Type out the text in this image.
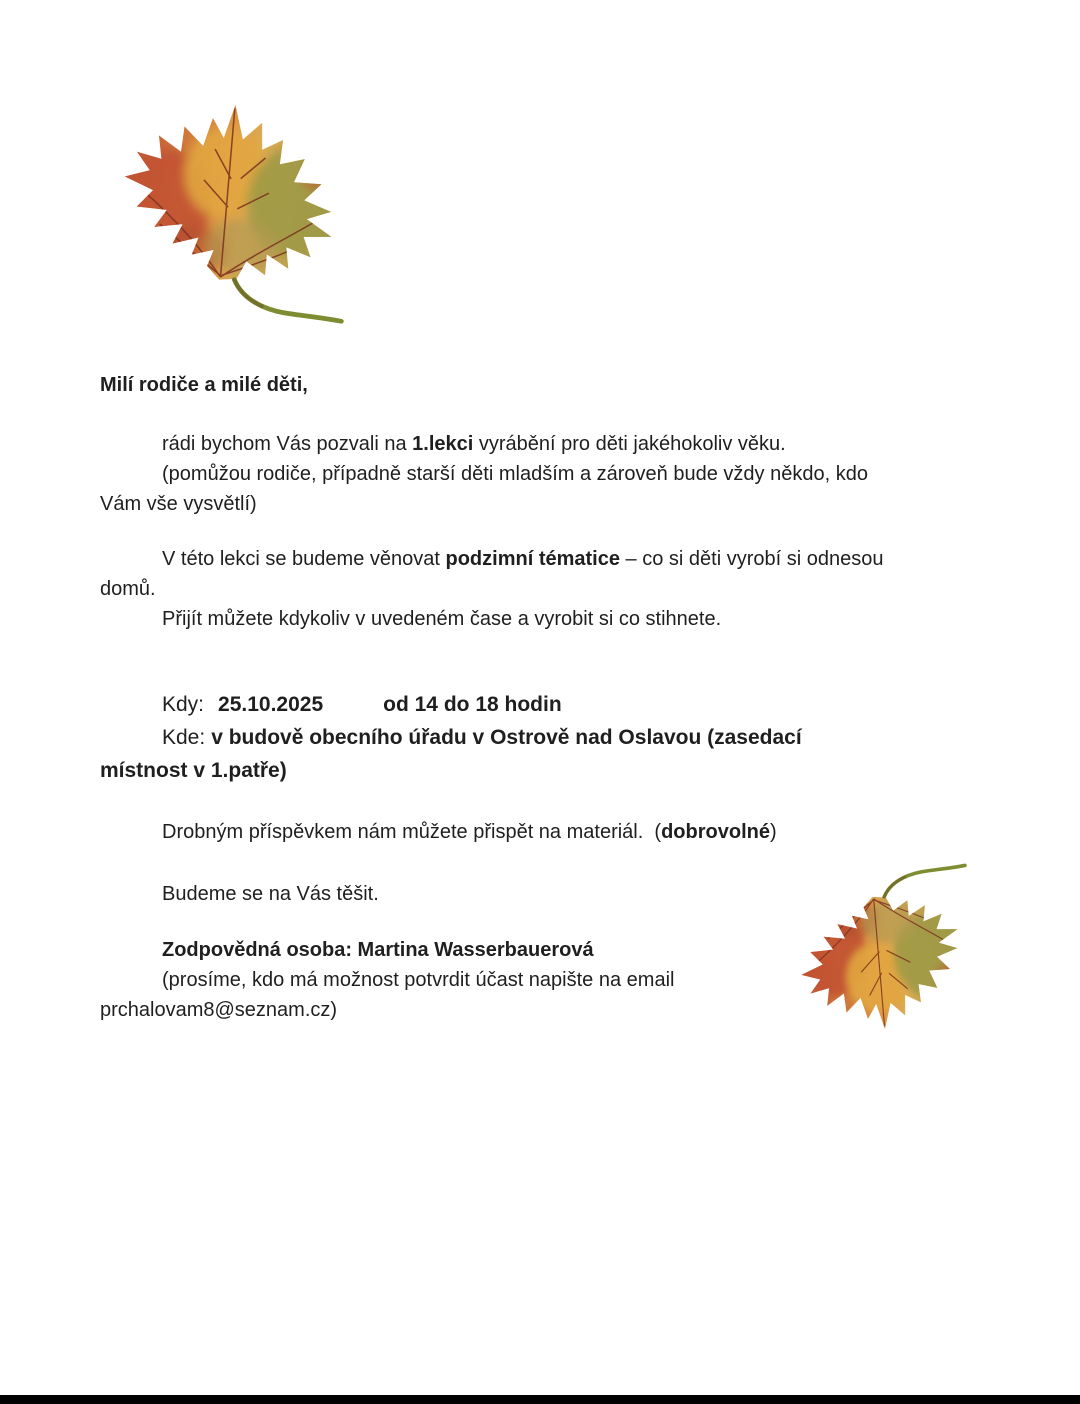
Milí rodiče a milé děti,

rádi bychom Vás pozvali na 1.lekci vyrábění pro děti jakéhokoliv věku.

(pomůžou rodiče, případně starší děti mladším a zároveň bude vždy někdo, kdo

Vám vše vysvětlí)

V této lekci se budeme věnovat podzimní tématice – co si děti vyrobí si odnesou

domů.

Přijít můžete kdykoliv v uvedeném čase a vyrobit si co stihnete.

Kdy: 25.10.2025	od 14 do 18 hodin

Kde: v budově obecního úřadu v Ostrově nad Oslavou (zasedací

místnost v 1.patře)

Drobným příspěvkem nám můžete přispět na materiál.  (dobrovolné)

Budeme se na Vás těšit.

Zodpovědná osoba: Martina Wasserbauerová

(prosíme, kdo má možnost potvrdit účast napište na email

prchalovam8@seznam.cz)
